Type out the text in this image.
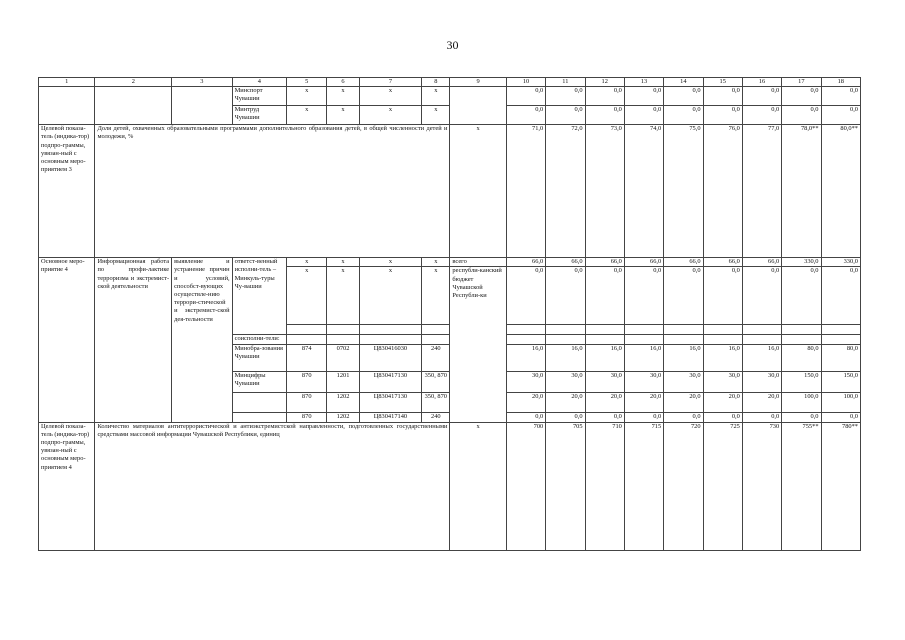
30
1	2	3	4	5	6	7	8	9	10	11	12	13	14	15	16	17	18
			Минспорт Чувашии	x	x	x	x		0,0	0,0	0,0	0,0	0,0	0,0	0,0	0,0	0,0
			Минтруд Чувашии	x	x	x	x		0,0	0,0	0,0	0,0	0,0	0,0	0,0	0,0	0,0
Целевой показа-тель (индика-тор) подпро-граммы, увязан-ный с основным меро-приятием 3	Доля детей, охваченных образовательными программами дополнительного образования детей, в общей численности детей и молодежи, %							x	71,0	72,0	73,0	74,0	75,0	76,0	77,0	78,0**	80,0**
Основное меро-приятие 4	Информационная работа по профи-лактике терроризма и экстремист-ской деятельности	выявление и устранение причин и условий, способст-вующих осуществле-нию террори-стической и экстремист-ской дея-тельности	ответст-венный исполни-тель – Минкуль-туры Чу-вашии	x	x	x	x	всего	66,0	66,0	66,0	66,0	66,0	66,0	66,0	330,0	330,0
				x	x	x	x	республи-канский бюджет Чувашской Республи-ки	0,0	0,0	0,0	0,0	0,0	0,0	0,0	0,0	0,0

			соисполни-тели:														
			Минобра-зования Чувашии	874	0702	Ц830416030	240		16,0	16,0	16,0	16,0	16,0	16,0	16,0	80,0	80,0
			Минцифры Чувашии	870	1201	Ц830417130	350, 870		30,0	30,0	30,0	30,0	30,0	30,0	30,0	150,0	150,0
				870	1202	Ц830417130	350, 870		20,0	20,0	20,0	20,0	20,0	20,0	20,0	100,0	100,0
				870	1202	Ц830417140	240		0,0	0,0	0,0	0,0	0,0	0,0	0,0	0,0	0,0
Целевой показа-тель (индика-тор) подпро-граммы, увязан-ный с основным меро-приятием 4	Количество материалов антитеррористической и антиэкстремистской направленности, подготовленных государственными средствами массовой информации Чувашской Республики, единиц							x	700	705	710	715	720	725	730	755**	780**
